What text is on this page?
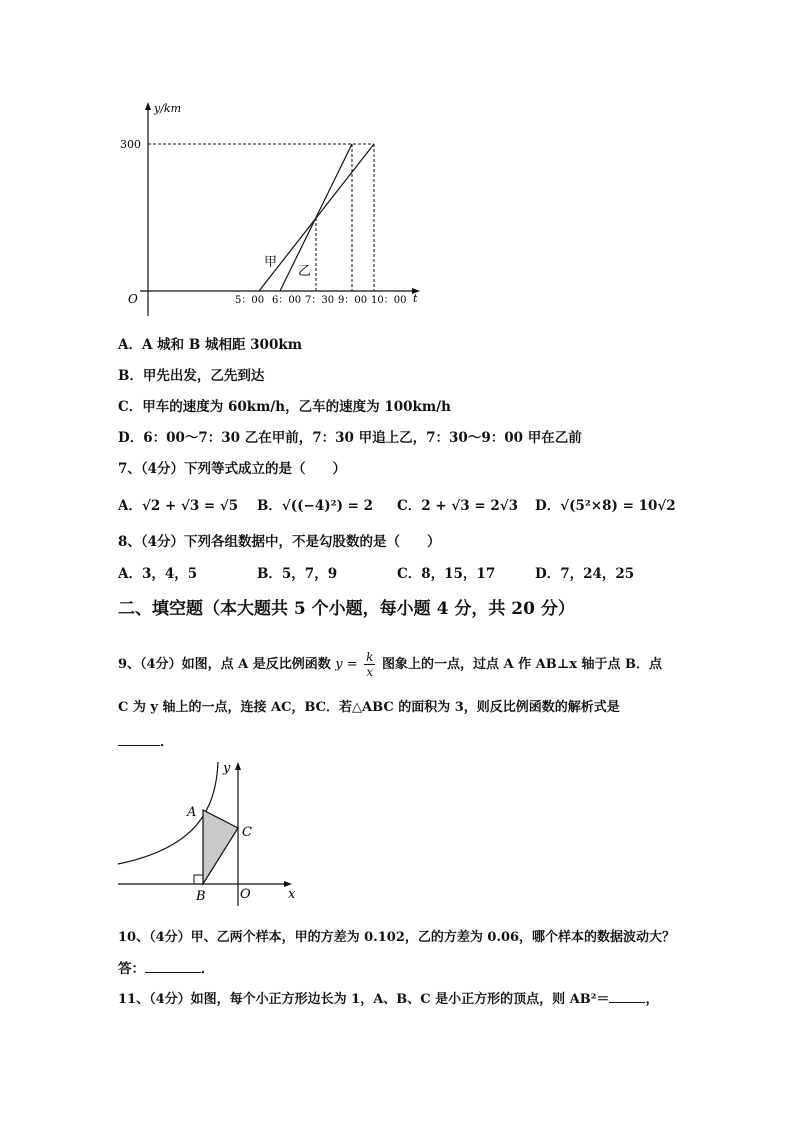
y/km
300
O	t
5：00 6：00 7：30 9：00 10：00
甲
乙
A．A 城和 B 城相距 300km
B．甲先出发，乙先到达
C．甲车的速度为 60km/h，乙车的速度为 100km/h
D．6：00～7：30 乙在甲前，7：30 甲追上乙，7：30～9：00 甲在乙前
7、（4分）下列等式成立的是（　　）
A．√2 + √3 = √5 B．√((−4)²) = 2 C．2 + √3 = 2√3 D．√(5²×8) = 10√2
8、（4分）下列各组数据中，不是勾股数的是（　　）
A．3，4，5	B．5，7，9	C．8，15，17	D．7，24，25
二、填空题（本大题共 5 个小题，每小题 4 分，共 20 分）
9、（4分）如图，点 A 是反比例函数 $y = \frac{k}{x}$ 图象上的一点，过点 A 作 AB⊥x 轴于点 B．点
C 为 y 轴上的一点，连接 AC，BC．若△ABC 的面积为 3，则反比例函数的解析式是
．
y
x
A
B
C
O
10、（4分）甲、乙两个样本，甲的方差为 0.102，乙的方差为 0.06，哪个样本的数据波动大？
答：	．
11、（4分）如图，每个小正方形边长为 1，A、B、C 是小正方形的顶点，则 AB²＝	，
